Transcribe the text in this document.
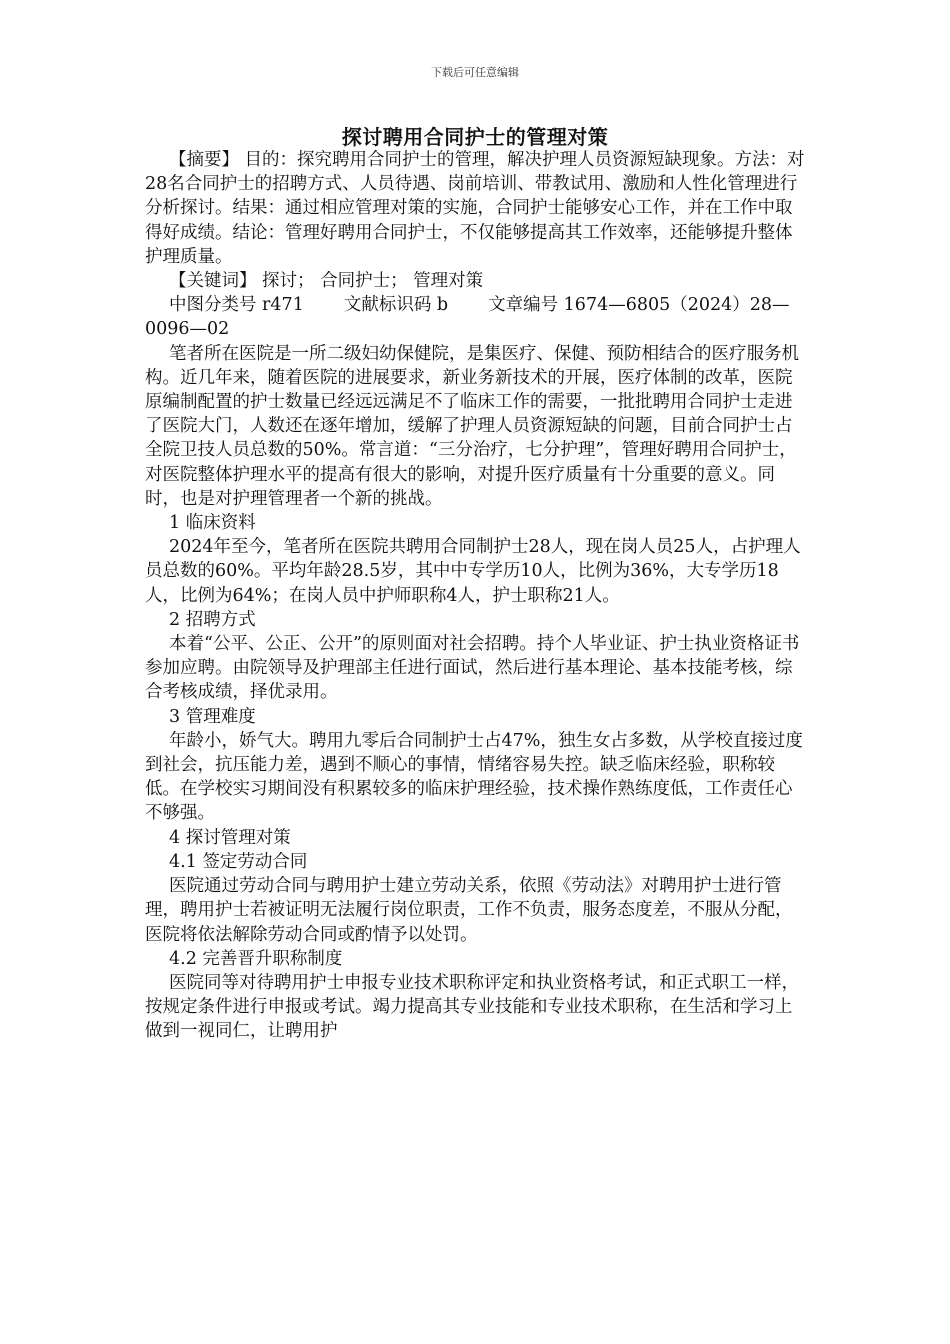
下载后可任意编辑
探讨聘用合同护士的管理对策

【摘要】 目的：探究聘用合同护士的管理，解决护理人员资源短缺现象。方法：对28名合同护士的招聘方式、人员待遇、岗前培训、带教试用、激励和人性化管理进行分析探讨。结果：通过相应管理对策的实施，合同护士能够安心工作，并在工作中取得好成绩。结论：管理好聘用合同护士，不仅能够提高其工作效率，还能够提升整体护理质量。

【关键词】 探讨； 合同护士； 管理对策

中图分类号 r471 文献标识码 b 文章编号 1674—6805（2024）28—0096—02

笔者所在医院是一所二级妇幼保健院，是集医疗、保健、预防相结合的医疗服务机构。近几年来，随着医院的进展要求，新业务新技术的开展，医疗体制的改革，医院原编制配置的护士数量已经远远满足不了临床工作的需要，一批批聘用合同护士走进了医院大门，人数还在逐年增加，缓解了护理人员资源短缺的问题，目前合同护士占全院卫技人员总数的50%。常言道：“三分治疗，七分护理”，管理好聘用合同护士，对医院整体护理水平的提高有很大的影响，对提升医疗质量有十分重要的意义。同时，也是对护理管理者一个新的挑战。

1 临床资料

2024年至今，笔者所在医院共聘用合同制护士28人，现在岗人员25人，占护理人员总数的60%。平均年龄28.5岁，其中中专学历10人，比例为36%，大专学历18人，比例为64%；在岗人员中护师职称4人，护士职称21人。

2 招聘方式

本着“公平、公正、公开”的原则面对社会招聘。持个人毕业证、护士执业资格证书参加应聘。由院领导及护理部主任进行面试，然后进行基本理论、基本技能考核，综合考核成绩，择优录用。

3 管理难度

年龄小，娇气大。聘用九零后合同制护士占47%，独生女占多数，从学校直接过度到社会，抗压能力差，遇到不顺心的事情，情绪容易失控。缺乏临床经验，职称较低。在学校实习期间没有积累较多的临床护理经验，技术操作熟练度低，工作责任心不够强。

4 探讨管理对策

4.1 签定劳动合同

医院通过劳动合同与聘用护士建立劳动关系，依照《劳动法》对聘用护士进行管理，聘用护士若被证明无法履行岗位职责，工作不负责，服务态度差，不服从分配，医院将依法解除劳动合同或酌情予以处罚。

4.2 完善晋升职称制度

医院同等对待聘用护士申报专业技术职称评定和执业资格考试，和正式职工一样，按规定条件进行申报或考试。竭力提高其专业技能和专业技术职称，在生活和学习上做到一视同仁，让聘用护
